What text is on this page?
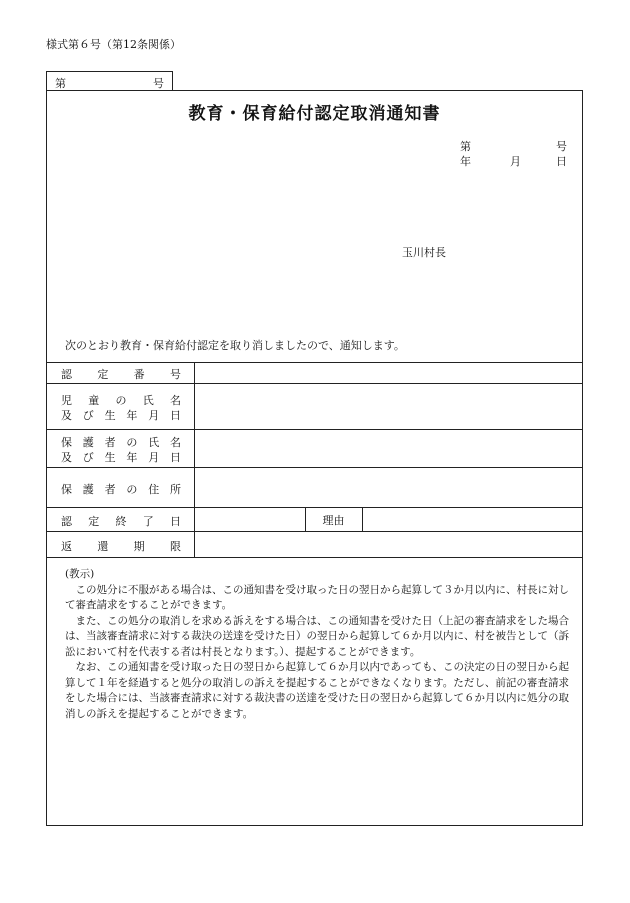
様式第６号（第12条関係）
第	号
教育・保育給付認定取消通知書
第	号
年	月	日
玉川村長
次のとおり教育・保育給付認定を取り消しましたので、通知します。
認 定 番 号
児 童 の 氏 名
及 び 生 年 月 日
保 護 者 の 氏 名
及 び 生 年 月 日
保 護 者 の 住 所
認 定 終 了 日	理由
返 還 期 限

(教示)

この処分に不服がある場合は、この通知書を受け取った日の翌日から起算して３か月以内に、村長に対して審査請求をすることができます。

また、この処分の取消しを求める訴えをする場合は、この通知書を受けた日（上記の審査請求をした場合は、当該審査請求に対する裁決の送達を受けた日）の翌日から起算して６か月以内に、村を被告として（訴訟において村を代表する者は村長となります。）、提起することができます。

なお、この通知書を受け取った日の翌日から起算して６か月以内であっても、この決定の日の翌日から起算して１年を経過すると処分の取消しの訴えを提起することができなくなります。ただし、前記の審査請求をした場合には、当該審査請求に対する裁決書の送達を受けた日の翌日から起算して６か月以内に処分の取消しの訴えを提起することができます。
